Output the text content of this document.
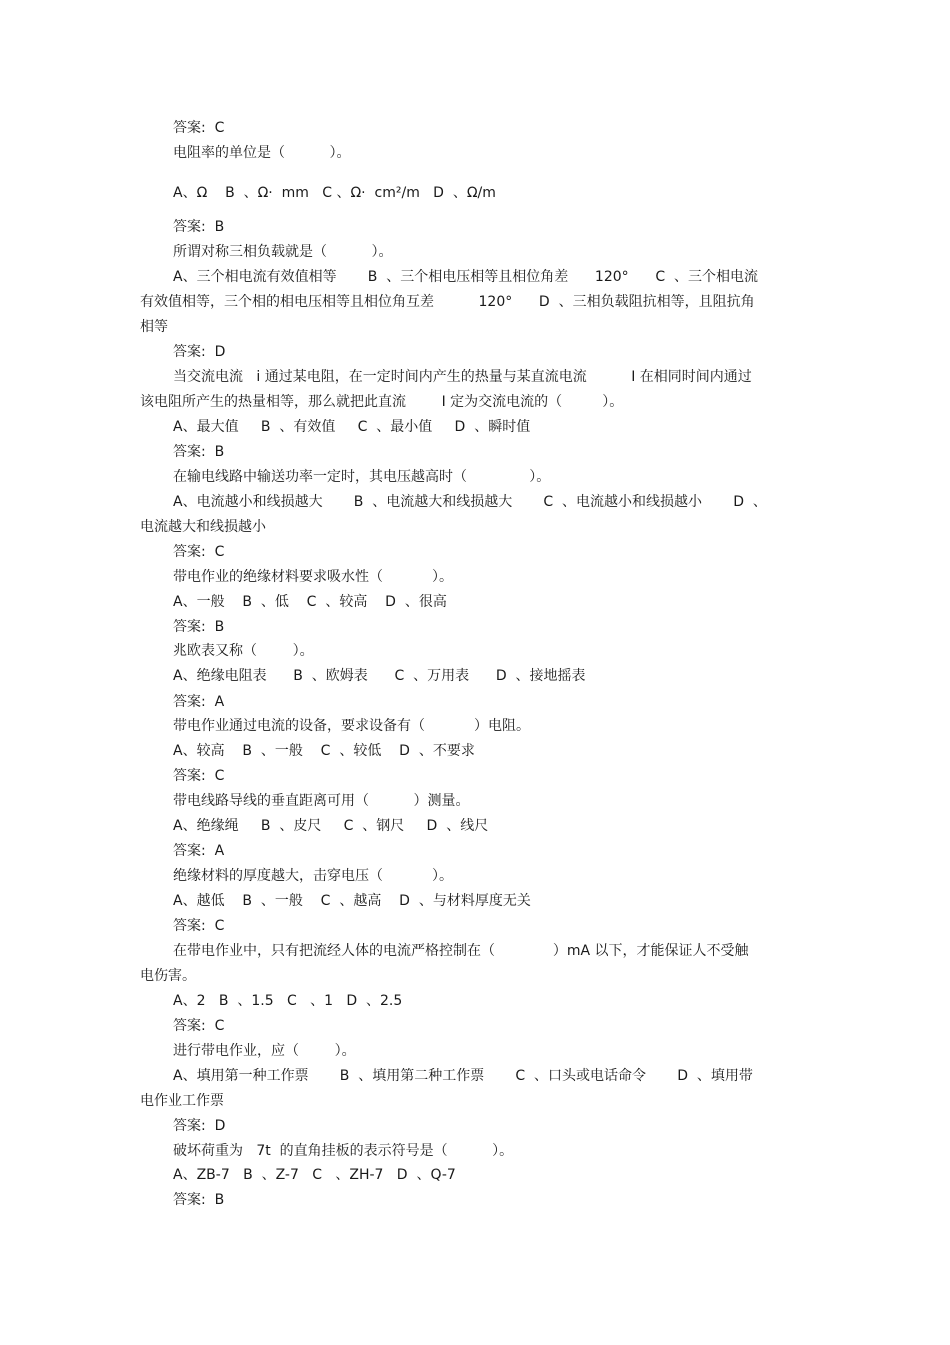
答案:  C

电阻率的单位是（          ）。

A、Ω    B  、Ω·  mm   C 、Ω·  cm²/m   D  、Ω/m

答案:  B

所谓对称三相负载就是（          ）。

A、三个相电流有效值相等       B  、三个相电压相等且相位角差      120°      C  、三个相电流

有效值相等，三个相的相电压相等且相位角互差          120°      D  、三相负载阻抗相等，且阻抗角

相等

答案:  D

当交流电流   i 通过某电阻，在一定时间内产生的热量与某直流电流          I 在相同时间内通过

该电阻所产生的热量相等，那么就把此直流        I 定为交流电流的（         ）。

A、最大值     B  、有效值     C  、最小值     D  、瞬时值

答案:  B

在输电线路中输送功率一定时，其电压越高时（              ）。

A、电流越小和线损越大       B  、电流越大和线损越大       C  、电流越小和线损越小       D  、

电流越大和线损越小

答案:  C

带电作业的绝缘材料要求吸水性（           ）。

A、一般    B  、低    C  、较高    D  、很高

答案:  B

兆欧表又称（        ）。

A、绝缘电阻表      B  、欧姆表      C  、万用表      D  、接地摇表

答案:  A

带电作业通过电流的设备，要求设备有（           ）电阻。

A、较高    B  、一般    C  、较低    D  、不要求

答案:  C

带电线路导线的垂直距离可用（          ）测量。

A、绝缘绳     B  、皮尺     C  、钢尺     D  、线尺

答案:  A

绝缘材料的厚度越大，击穿电压（           ）。

A、越低    B  、一般    C  、越高    D  、与材料厚度无关

答案:  C

在带电作业中，只有把流经人体的电流严格控制在（             ）mA 以下，才能保证人不受触

电伤害。

A、2   B  、1.5   C   、1   D  、2.5

答案:  C

进行带电作业，应（        ）。

A、填用第一种工作票       B  、填用第二种工作票       C  、口头或电话命令       D  、填用带

电作业工作票

答案:  D

破坏荷重为   7t  的直角挂板的表示符号是（          ）。

A、ZB-7   B  、Z-7   C   、ZH-7   D  、Q-7

答案:  B
